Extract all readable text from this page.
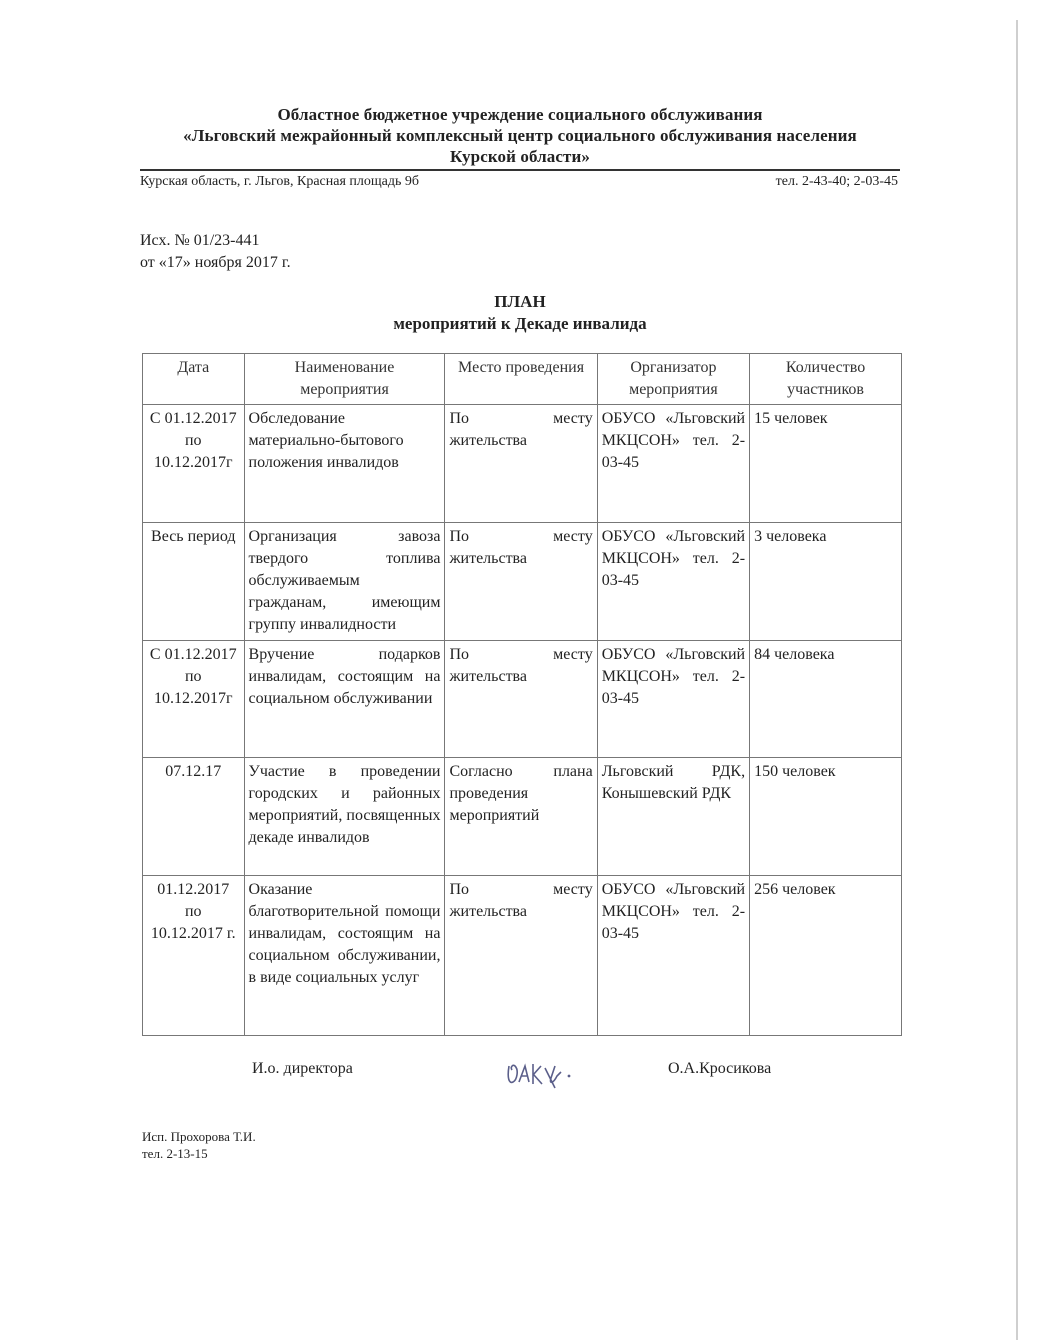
Областное бюджетное учреждение социального обслуживания
«Льговский межрайонный комплексный центр социального обслуживания населения
Курской области»
Курская область, г. Льгов, Красная площадь 9б	тел. 2-43-40; 2-03-45
Исх. № 01/23-441
от «17» ноября 2017 г.
ПЛАН
мероприятий к Декаде инвалида
Дата	Наименование мероприятия	Место проведения	Организатор мероприятия	Количество участников
С 01.12.2017 по 10.12.2017г	Обследование материально-бытового положения инвалидов	По месту жительства	ОБУСО «Льговский МКЦСОН» тел. 2-03-45	15 человек
Весь период	Организация завоза твердого топлива обслуживаемым гражданам, имеющим группу инвалидности	По месту жительства	ОБУСО «Льговский МКЦСОН» тел. 2-03-45	3 человека
С 01.12.2017 по 10.12.2017г	Вручение подарков инвалидам, состоящим на социальном обслуживании	По месту жительства	ОБУСО «Льговский МКЦСОН» тел. 2-03-45	84 человека
07.12.17	Участие в проведении городских и районных мероприятий, посвященных декаде инвалидов	Согласно плана проведения мероприятий	Льговский РДК, Конышевский РДК	150 человек
01.12.2017 по 10.12.2017 г.	Оказание благотворительной помощи инвалидам, состоящим на социальном обслуживании, в виде социальных услуг	По месту жительства	ОБУСО «Льговский МКЦСОН» тел. 2-03-45	256 человек
И.о. директора	О.А.Кросикова
Исп. Прохорова Т.И.
тел. 2-13-15
